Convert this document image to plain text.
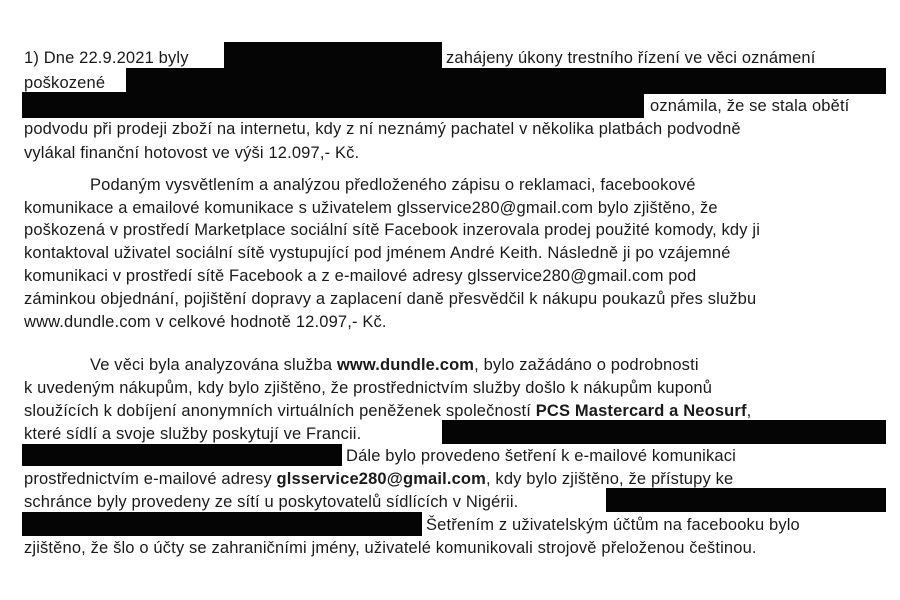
1) Dne 22.9.2021 byly	zahájeny úkony trestního řízení ve věci oznámení
poškozené
oznámila, že se stala obětí
podvodu při prodeji zboží na internetu, kdy z ní neznámý pachatel v několika platbách podvodně
vylákal finanční hotovost ve výši 12.097,- Kč.
Podaným vysvětlením a analýzou předloženého zápisu o reklamaci, facebookové
komunikace a emailové komunikace s uživatelem glsservice280@gmail.com bylo zjištěno, že
poškozená v prostředí Marketplace sociální sítě Facebook inzerovala prodej použité komody, kdy ji
kontaktoval uživatel sociální sítě vystupující pod jménem André Keith. Následně ji po vzájemné
komunikaci v prostředí sítě Facebook a z e-mailové adresy glsservice280@gmail.com pod
záminkou objednání, pojištění dopravy a zaplacení daně přesvědčil k nákupu poukazů přes službu
www.dundle.com v celkové hodnotě 12.097,- Kč.
Ve věci byla analyzována služba www.dundle.com, bylo zažádáno o podrobnosti
k uvedeným nákupům, kdy bylo zjištěno, že prostřednictvím služby došlo k nákupům kuponů
sloužících k dobíjení anonymních virtuálních peněženek společností PCS Mastercard a Neosurf,
které sídlí a svoje služby poskytují ve Francii.
Dále bylo provedeno šetření k e-mailové komunikaci
prostřednictvím e-mailové adresy glsservice280@gmail.com, kdy bylo zjištěno, že přístupy ke
schránce byly provedeny ze sítí u poskytovatelů sídlících v Nigérii.
Šetřením z uživatelským účtům na facebooku bylo
zjištěno, že šlo o účty se zahraničními jmény, uživatelé komunikovali strojově přeloženou češtinou.
